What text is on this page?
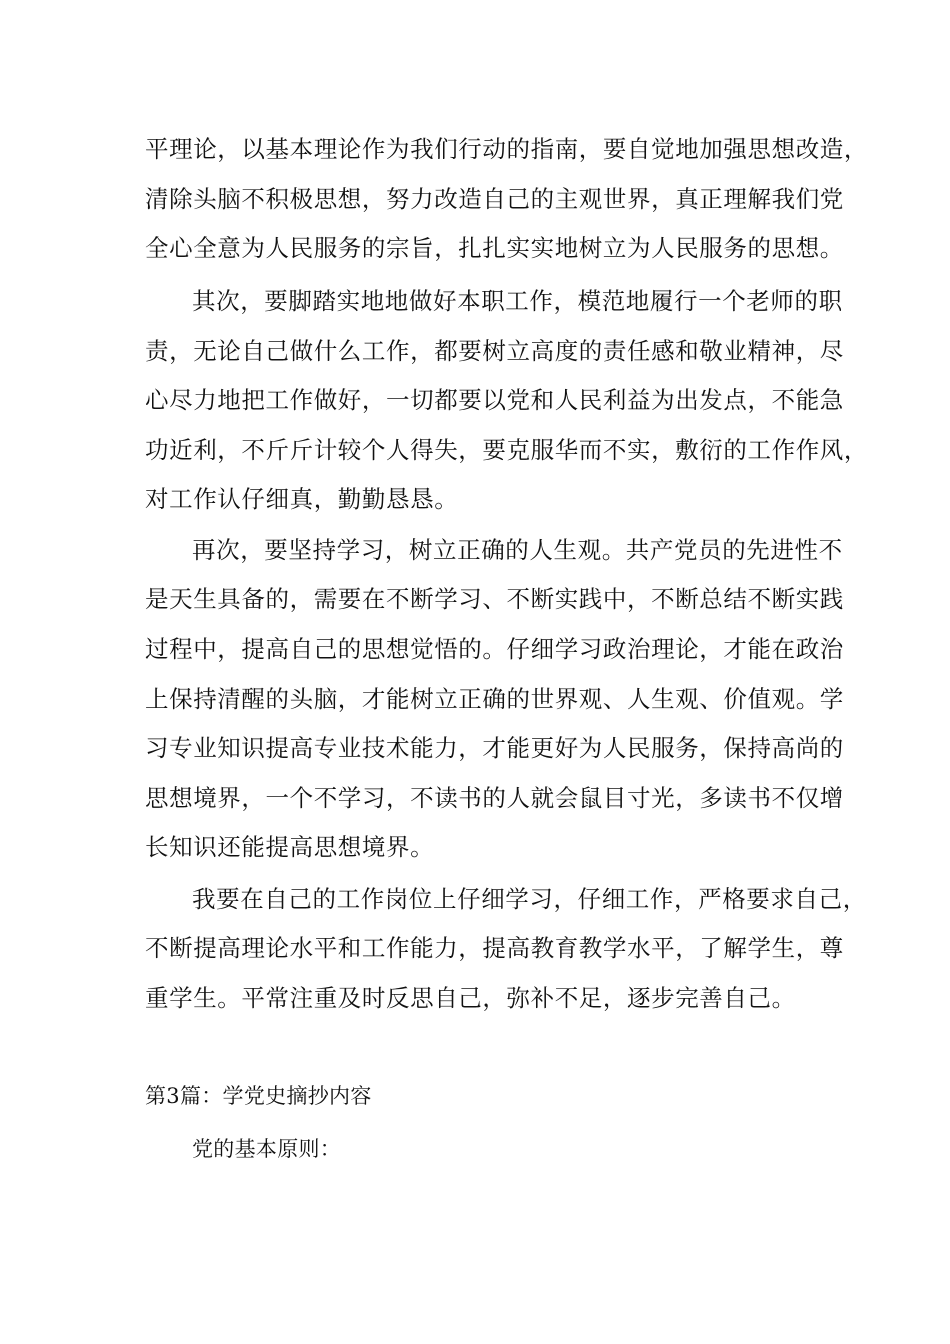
平理论，以基本理论作为我们行动的指南，要自觉地加强思想改造，
清除头脑不积极思想，努力改造自己的主观世界，真正理解我们党
全心全意为人民服务的宗旨，扎扎实实地树立为人民服务的思想。
其次，要脚踏实地地做好本职工作，模范地履行一个老师的职
责，无论自己做什么工作，都要树立高度的责任感和敬业精神，尽
心尽力地把工作做好，一切都要以党和人民利益为出发点，不能急
功近利，不斤斤计较个人得失，要克服华而不实，敷衍的工作作风，
对工作认仔细真，勤勤恳恳。
再次，要坚持学习，树立正确的人生观。共产党员的先进性不
是天生具备的，需要在不断学习、不断实践中，不断总结不断实践
过程中，提高自己的思想觉悟的。仔细学习政治理论，才能在政治
上保持清醒的头脑，才能树立正确的世界观、人生观、价值观。学
习专业知识提高专业技术能力，才能更好为人民服务，保持高尚的
思想境界，一个不学习，不读书的人就会鼠目寸光，多读书不仅增
长知识还能提高思想境界。
我要在自己的工作岗位上仔细学习，仔细工作，严格要求自己，
不断提高理论水平和工作能力，提高教育教学水平，了解学生，尊
重学生。平常注重及时反思自己，弥补不足，逐步完善自己。
第3篇：学党史摘抄内容
党的基本原则：
